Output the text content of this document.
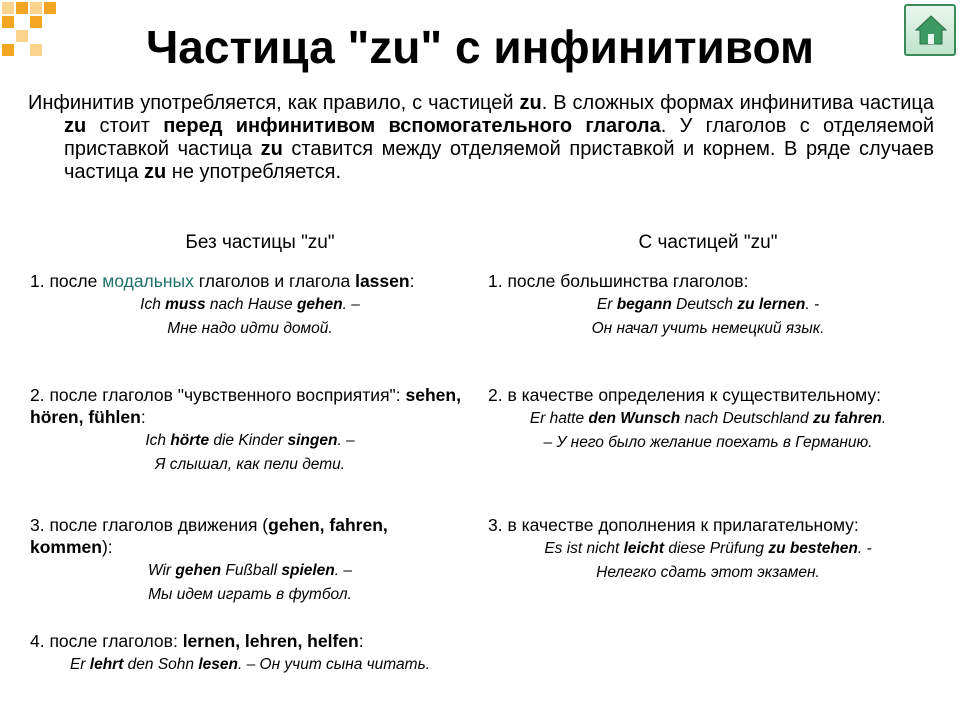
Частица "zu" с инфинитивом

Инфинитив употребляется, как правило, с частицей zu. В сложных формах инфинитива частица zu стоит перед инфинитивом вспомогательного глагола. У глаголов с отделяемой приставкой частица zu ставится между отделяемой приставкой и корнем. В ряде случаев частица zu не употребляется.

Без частицы "zu"	С частицей "zu"

1. после модальных глаголов и глагола lassen:

Ich muss nach Hause gehen. –

Мне надо идти домой.

2. после глаголов "чувственного восприятия": sehen, hören, fühlen:

Ich hörte die Kinder singen. –

Я слышал, как пели дети.

3. после глаголов движения (gehen, fahren, kommen):

Wir gehen Fußball spielen. –

Мы идем играть в футбол.

4. после глаголов: lernen, lehren, helfen:

Er lehrt den Sohn lesen. – Он учит сына читать.

1. после большинства глаголов:

Er begann Deutsch zu lernen. -

Он начал учить немецкий язык.

2. в качестве определения к существительному:

Er hatte den Wunsch nach Deutschland zu fahren.

– У него было желание поехать в Германию.

3. в качестве дополнения к прилагательному:

Es ist nicht leicht diese Prüfung zu bestehen. -

Нелегко сдать этот экзамен.
